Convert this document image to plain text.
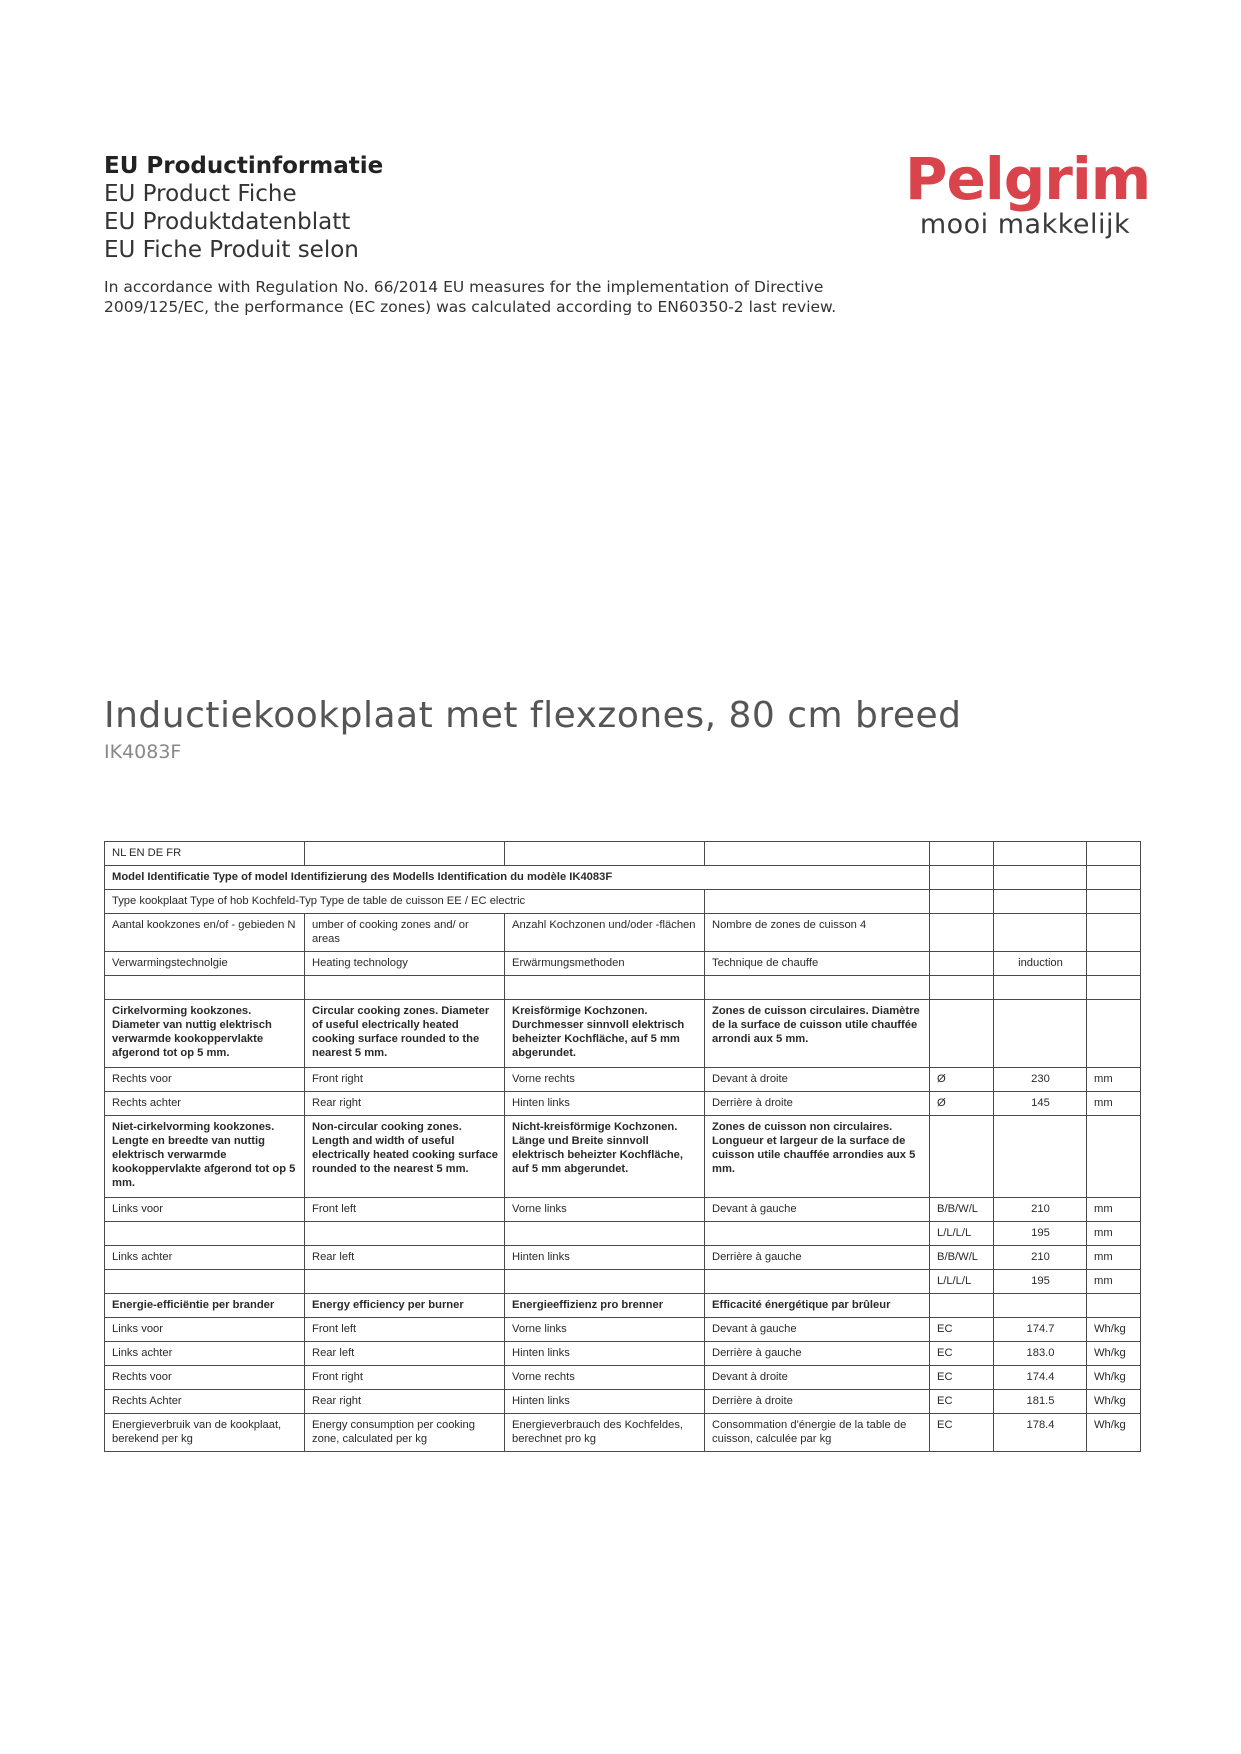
EU Productinformatie
EU Product Fiche
EU Produktdatenblatt
EU Fiche Produit selon
In accordance with Regulation No. 66/2014 EU measures for the implementation of Directive
2009/125/EC, the performance (EC zones) was calculated according to EN60350-2 last review.
Pelgrim
mooi makkelijk
Inductiekookplaat met flexzones, 80 cm breed
IK4083F
NL EN DE FR						
Model Identificatie Type of model Identifizierung des Modells Identification du modèle IK4083F						
Type kookplaat Type of hob Kochfeld-Typ Type de table de cuisson EE / EC electric						
Aantal kookzones en/of - gebieden N	umber of cooking zones and/ or areas	Anzahl Kochzonen und/oder -flächen	Nombre de zones de cuisson 4			
Verwarmingstechnolgie	Heating technology	Erwärmungsmethoden	Technique de chauffe		induction	

Cirkelvorming kookzones. Diameter van nuttig elektrisch verwarmde kookoppervlakte afgerond tot op 5 mm.	Circular cooking zones. Diameter of useful electrically heated cooking surface rounded to the nearest 5 mm.	Kreisförmige Kochzonen. Durchmesser sinnvoll elektrisch beheizter Kochfläche, auf 5 mm abgerundet.	Zones de cuisson circulaires. Diamètre de la surface de cuisson utile chauffée arrondi aux 5 mm.			
Rechts voor	Front right	Vorne rechts	Devant à droite	Ø	230	mm
Rechts achter	Rear right	Hinten links	Derrière à droite	Ø	145	mm
Niet-cirkelvorming kookzones. Lengte en breedte van nuttig elektrisch verwarmde kookoppervlakte afgerond tot op 5 mm.	Non-circular cooking zones. Length and width of useful electrically heated cooking surface rounded to the nearest 5 mm.	Nicht-kreisförmige Kochzonen. Länge und Breite sinnvoll elektrisch beheizter Kochfläche, auf 5 mm abgerundet.	Zones de cuisson non circulaires. Longueur et largeur de la surface de cuisson utile chauffée arrondies aux 5 mm.			
Links voor	Front left	Vorne links	Devant à gauche	B/B/W/L	210	mm
				L/L/L/L	195	mm
Links achter	Rear left	Hinten links	Derrière à gauche	B/B/W/L	210	mm
				L/L/L/L	195	mm
Energie-efficiëntie per brander	Energy efficiency per burner	Energieeffizienz pro brenner	Efficacité énergétique par brûleur			
Links voor	Front left	Vorne links	Devant à gauche	EC	174.7	Wh/kg
Links achter	Rear left	Hinten links	Derrière à gauche	EC	183.0	Wh/kg
Rechts voor	Front right	Vorne rechts	Devant à droite	EC	174.4	Wh/kg
Rechts Achter	Rear right	Hinten links	Derrière à droite	EC	181.5	Wh/kg
Energieverbruik van de kookplaat, berekend per kg	Energy consumption per cooking zone, calculated per kg	Energieverbrauch des Kochfeldes, berechnet pro kg	Consommation d'énergie de la table de cuisson, calculée par kg	EC	178.4	Wh/kg
